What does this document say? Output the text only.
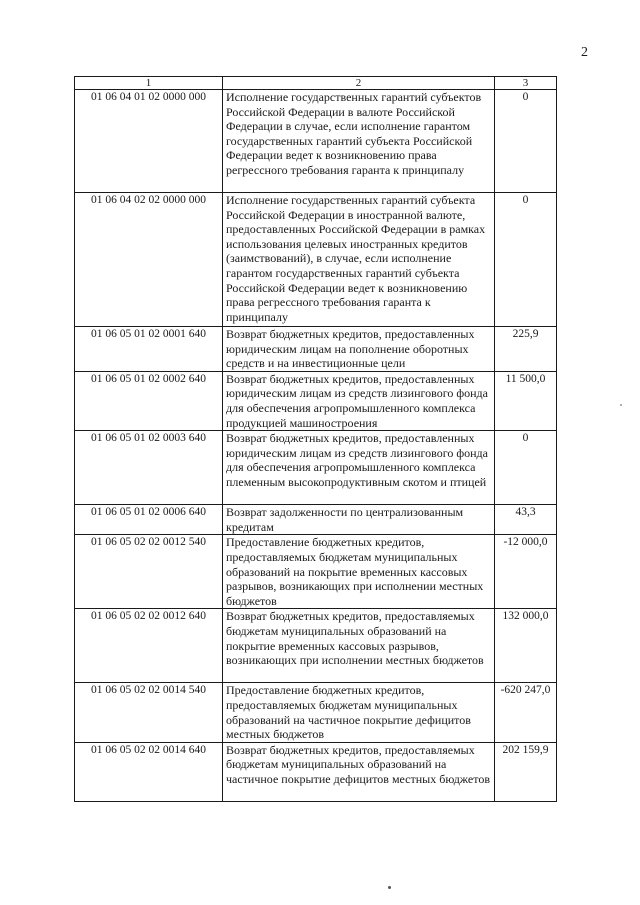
2
1	2	3
01 06 04 01 02 0000 000	Исполнение государственных гарантий субъектов Российской Федерации в валюте Российской Федерации в случае, если исполнение гарантом государственных гарантий субъекта Российской Федерации ведет к возникновению права регрессного требования гаранта к принципалу	0
01 06 04 02 02 0000 000	Исполнение государственных гарантий субъекта Российской Федерации в иностранной валюте, предоставленных Российской Федерации в рамках использования целевых иностранных кредитов (заимствований), в случае, если исполнение гарантом государственных гарантий субъекта Российской Федерации ведет к возникновению права регрессного требования гаранта к принципалу	0
01 06 05 01 02 0001 640	Возврат бюджетных кредитов, предоставленных юридическим лицам на пополнение оборотных средств и на инвестиционные цели	225,9
01 06 05 01 02 0002 640	Возврат бюджетных кредитов, предоставленных юридическим лицам из средств лизингового фонда для обеспечения агропромышленного комплекса продукцией машиностроения	11 500,0
01 06 05 01 02 0003 640	Возврат бюджетных кредитов, предоставленных юридическим лицам из средств лизингового фонда для обеспечения агропромышленного комплекса племенным высокопродуктивным скотом и птицей	0
01 06 05 01 02 0006 640	Возврат задолженности по централизованным кредитам	43,3
01 06 05 02 02 0012 540	Предоставление бюджетных кредитов, предоставляемых бюджетам муниципальных образований на покрытие временных кассовых разрывов, возникающих при исполнении местных бюджетов	-12 000,0
01 06 05 02 02 0012 640	Возврат бюджетных кредитов, предоставляемых бюджетам муниципальных образований на покрытие временных кассовых разрывов, возникающих при исполнении местных бюджетов	132 000,0
01 06 05 02 02 0014 540	Предоставление бюджетных кредитов, предоставляемых бюджетам муниципальных образований на частичное покрытие дефицитов местных бюджетов	-620 247,0
01 06 05 02 02 0014 640	Возврат бюджетных кредитов, предоставляемых бюджетам муниципальных образований на частичное покрытие дефицитов местных бюджетов	202 159,9
